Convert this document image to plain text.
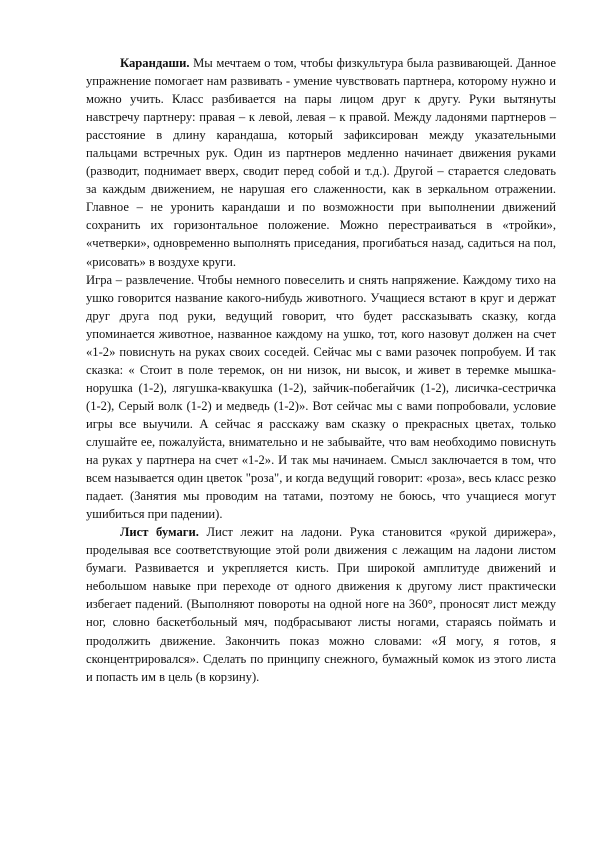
Карандаши. Мы мечтаем о том, чтобы физкультура была развивающей. Данное упражнение помогает нам развивать - умение чувствовать партнера, которому нужно и можно учить. Класс разбивается на пары лицом друг к другу. Руки вытянуты навстречу партнеру: правая – к левой, левая – к правой. Между ладонями партнеров – расстояние в длину карандаша, который зафиксирован между указательными пальцами встречных рук. Один из партнеров медленно начинает движения руками (разводит, поднимает вверх, сводит перед собой и т.д.). Другой – старается следовать за каждым движением, не нарушая его слаженности, как в зеркальном отражении. Главное – не уронить карандаши и по возможности при выполнении движений сохранить их горизонтальное положение. Можно перестраиваться в «тройки», «четверки», одновременно выполнять приседания, прогибаться назад, садиться на пол, «рисовать» в воздухе круги.

Игра – развлечение. Чтобы немного повеселить и снять напряжение. Каждому тихо на ушко говорится название какого-нибудь животного. Учащиеся встают в круг и держат друг друга под руки, ведущий говорит, что будет рассказывать сказку, когда упоминается животное, названное каждому на ушко, тот, кого назовут должен на счет «1-2» повиснуть на руках своих соседей. Сейчас мы с вами разочек попробуем. И так сказка: « Стоит в поле теремок, он ни низок, ни высок, и живет в теремке мышка-норушка (1-2), лягушка-квакушка (1-2), зайчик-побегайчик (1-2), лисичка-сестричка (1-2), Серый волк (1-2) и медведь (1-2)». Вот сейчас мы с вами попробовали, условие игры все выучили. А сейчас я расскажу вам сказку о прекрасных цветах, только слушайте ее, пожалуйста, внимательно и не забывайте, что вам необходимо повиснуть на руках у партнера на счет «1-2». И так мы начинаем. Смысл заключается в том, что всем называется один цветок "роза", и когда ведущий говорит: «роза», весь класс резко падает. (Занятия мы проводим на татами, поэтому не боюсь, что учащиеся могут ушибиться при падении).

Лист бумаги. Лист лежит на ладони. Рука становится «рукой дирижера», проделывая все соответствующие этой роли движения с лежащим на ладони листом бумаги. Развивается и укрепляется кисть. При широкой амплитуде движений и небольшом навыке при переходе от одного движения к другому лист практически избегает падений. (Выполняют повороты на одной ноге на 360°, проносят лист между ног, словно баскетбольный мяч, подбрасывают листы ногами, стараясь поймать и продолжить движение. Закончить показ можно словами: «Я могу, я готов, я сконцентрировался». Сделать по принципу снежного, бумажный комок из этого листа и попасть им в цель (в корзину).
